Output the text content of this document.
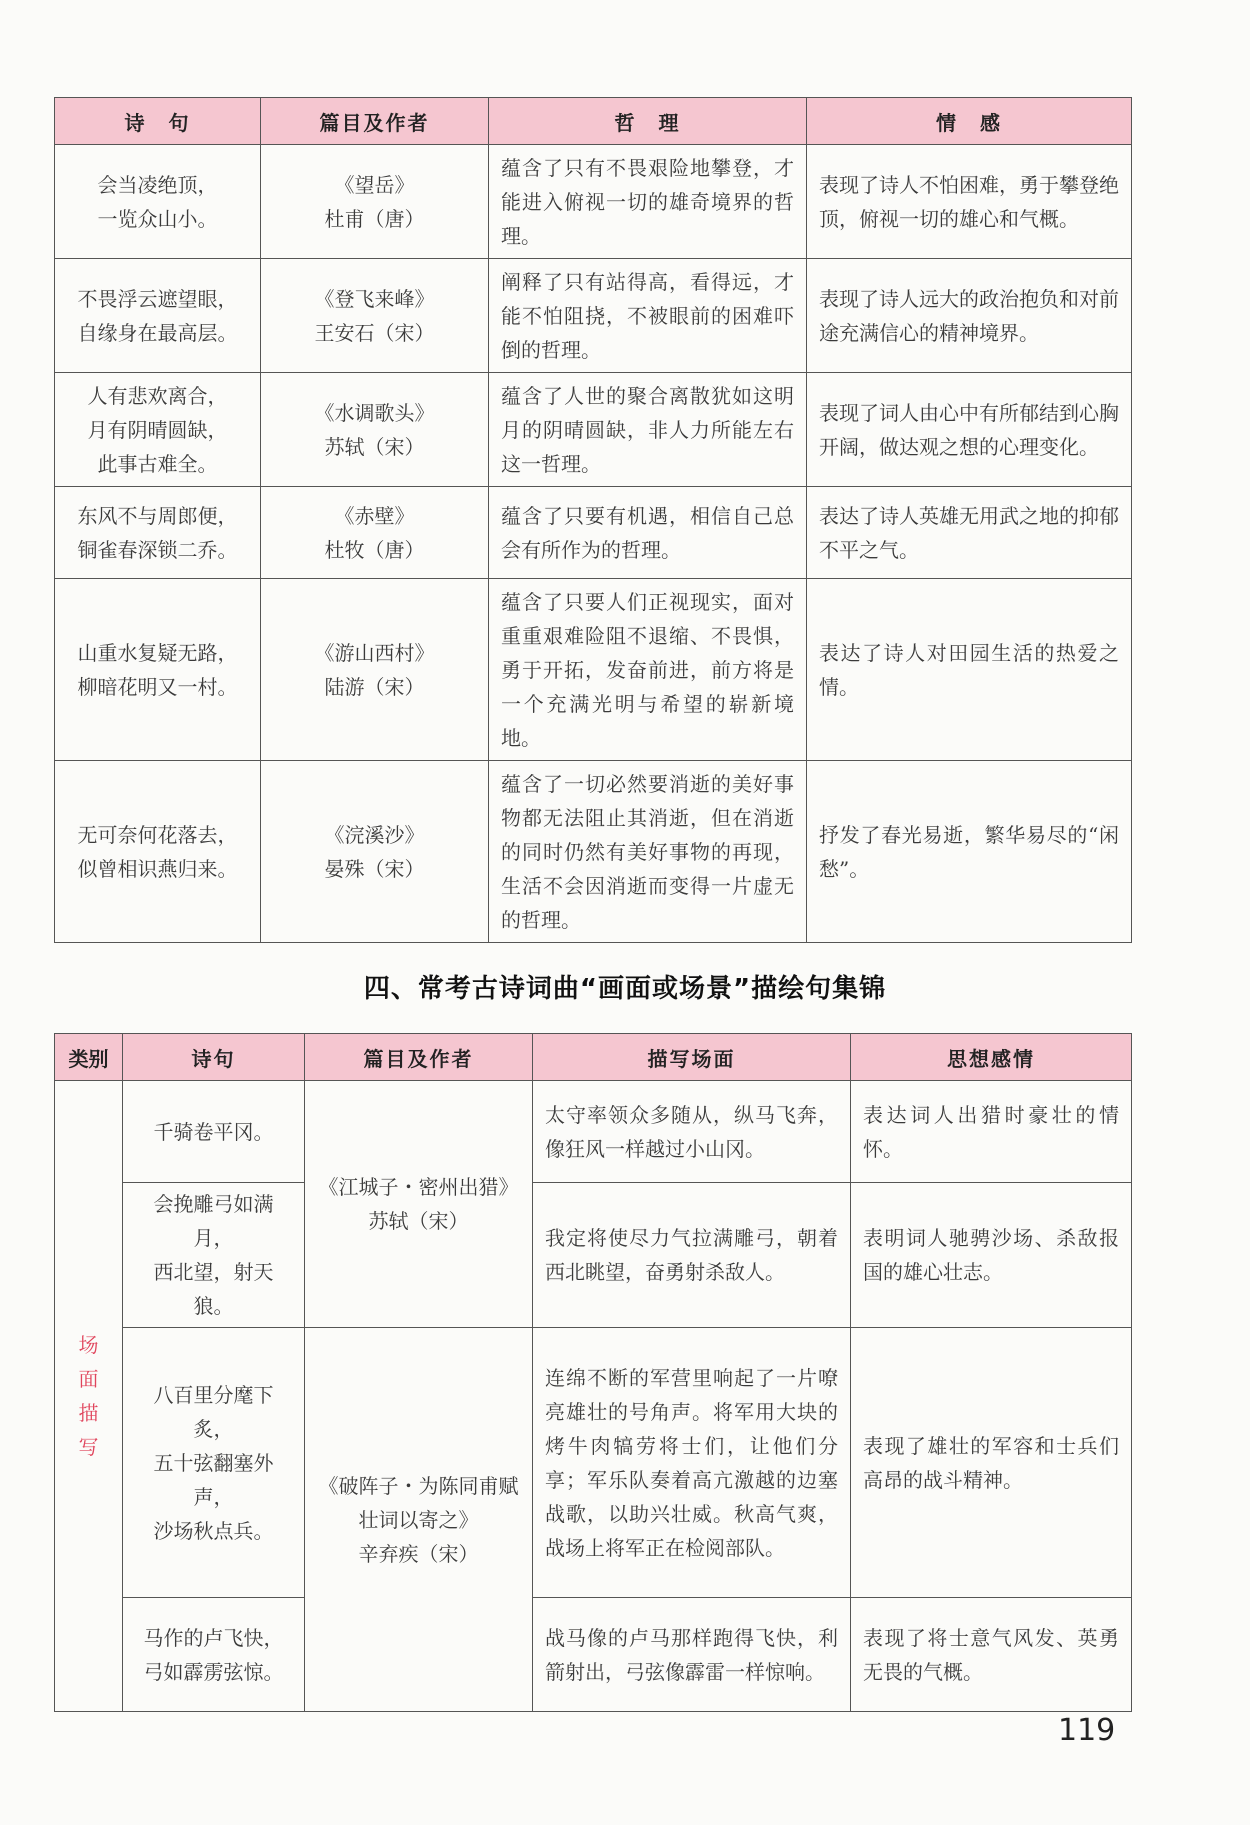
诗　句	篇目及作者	哲　理	情　感

会当凌绝顶，
一览众山小。	《望岳》
杜甫（唐）	蕴含了只有不畏艰险地攀登，才能进入俯视一切的雄奇境界的哲理。	表现了诗人不怕困难，勇于攀登绝顶，俯视一切的雄心和气概。

不畏浮云遮望眼，
自缘身在最高层。	《登飞来峰》
王安石（宋）	阐释了只有站得高，看得远，才能不怕阻挠，不被眼前的困难吓倒的哲理。	表现了诗人远大的政治抱负和对前途充满信心的精神境界。

人有悲欢离合，
月有阴晴圆缺，
此事古难全。	《水调歌头》
苏轼（宋）	蕴含了人世的聚合离散犹如这明月的阴晴圆缺，非人力所能左右这一哲理。	表现了词人由心中有所郁结到心胸开阔，做达观之想的心理变化。

东风不与周郎便，
铜雀春深锁二乔。	《赤壁》
杜牧（唐）	蕴含了只要有机遇，相信自己总会有所作为的哲理。	表达了诗人英雄无用武之地的抑郁不平之气。

山重水复疑无路，
柳暗花明又一村。	《游山西村》
陆游（宋）	蕴含了只要人们正视现实，面对重重艰难险阻不退缩、不畏惧，勇于开拓，发奋前进，前方将是一个充满光明与希望的崭新境地。	表达了诗人对田园生活的热爱之情。

无可奈何花落去，
似曾相识燕归来。	《浣溪沙》
晏殊（宋）	蕴含了一切必然要消逝的美好事物都无法阻止其消逝，但在消逝的同时仍然有美好事物的再现，生活不会因消逝而变得一片虚无的哲理。	抒发了春光易逝，繁华易尽的“闲愁”。
四、常考古诗词曲“画面或场景”描绘句集锦
类别	诗句	篇目及作者	描写场面	思想感情
场面描写	千骑卷平冈。	《江城子・密州出猎》
苏轼（宋）	太守率领众多随从，纵马飞奔，像狂风一样越过小山冈。	表达词人出猎时豪壮的情怀。

	会挽雕弓如满月，
西北望，射天狼。		我定将使尽力气拉满雕弓，朝着西北眺望，奋勇射杀敌人。	表明词人驰骋沙场、杀敌报国的雄心壮志。

	八百里分麾下炙，
五十弦翻塞外声，
沙场秋点兵。	《破阵子・为陈同甫赋壮词以寄之》
辛弃疾（宋）	连绵不断的军营里响起了一片嘹亮雄壮的号角声。将军用大块的烤牛肉犒劳将士们，让他们分享；军乐队奏着高亢激越的边塞战歌，以助兴壮威。秋高气爽，战场上将军正在检阅部队。	表现了雄壮的军容和士兵们高昂的战斗精神。

	马作的卢飞快，
弓如霹雳弦惊。		战马像的卢马那样跑得飞快，利箭射出，弓弦像霹雷一样惊响。	表现了将士意气风发、英勇无畏的气概。
119
